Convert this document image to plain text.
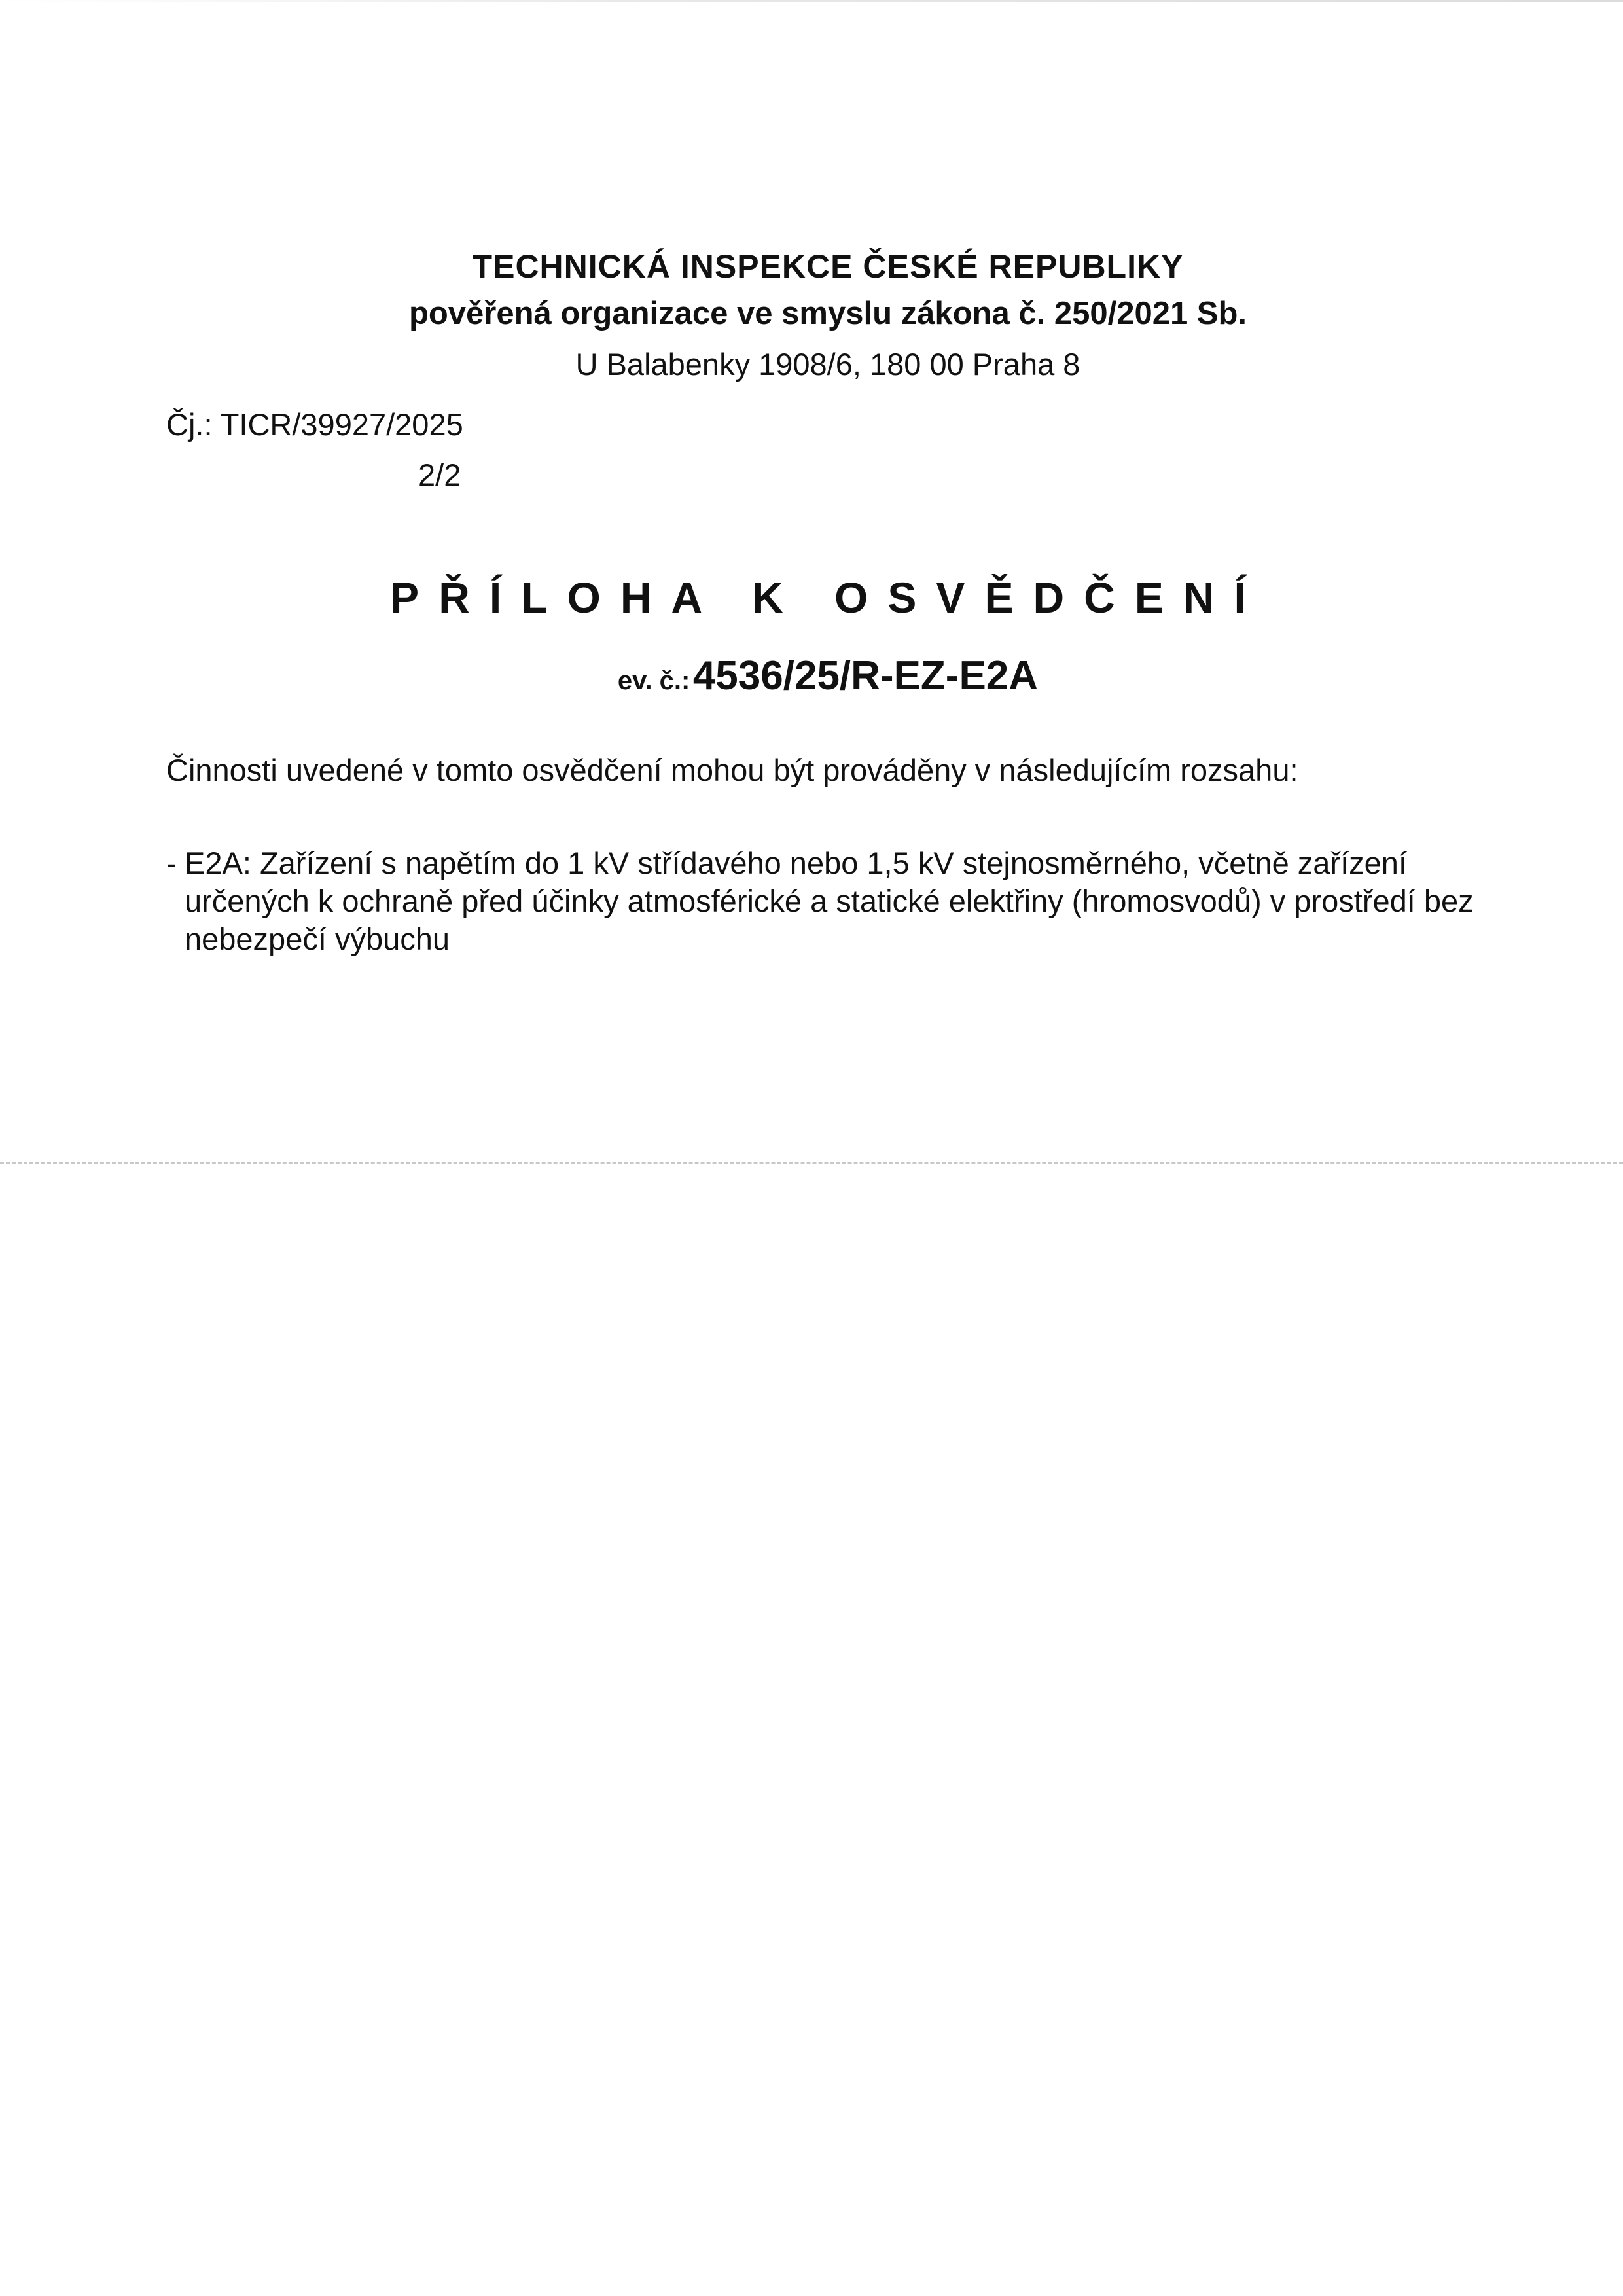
TECHNICKÁ INSPEKCE ČESKÉ REPUBLIKY
pověřená organizace ve smyslu zákona č. 250/2021 Sb.
U Balabenky 1908/6, 180 00 Praha 8
Čj.: TICR/39927/2025
2/2
PŘÍLOHA K OSVĚDČENÍ
ev. č.: 4536/25/R-EZ-E2A
Činnosti uvedené v tomto osvědčení mohou být prováděny v následujícím rozsahu:
- E2A: Zařízení s napětím do 1 kV střídavého nebo 1,5 kV stejnosměrného, včetně zařízení určených k ochraně před účinky atmosférické a statické elektřiny (hromosvodů) v prostředí bez nebezpečí výbuchu
